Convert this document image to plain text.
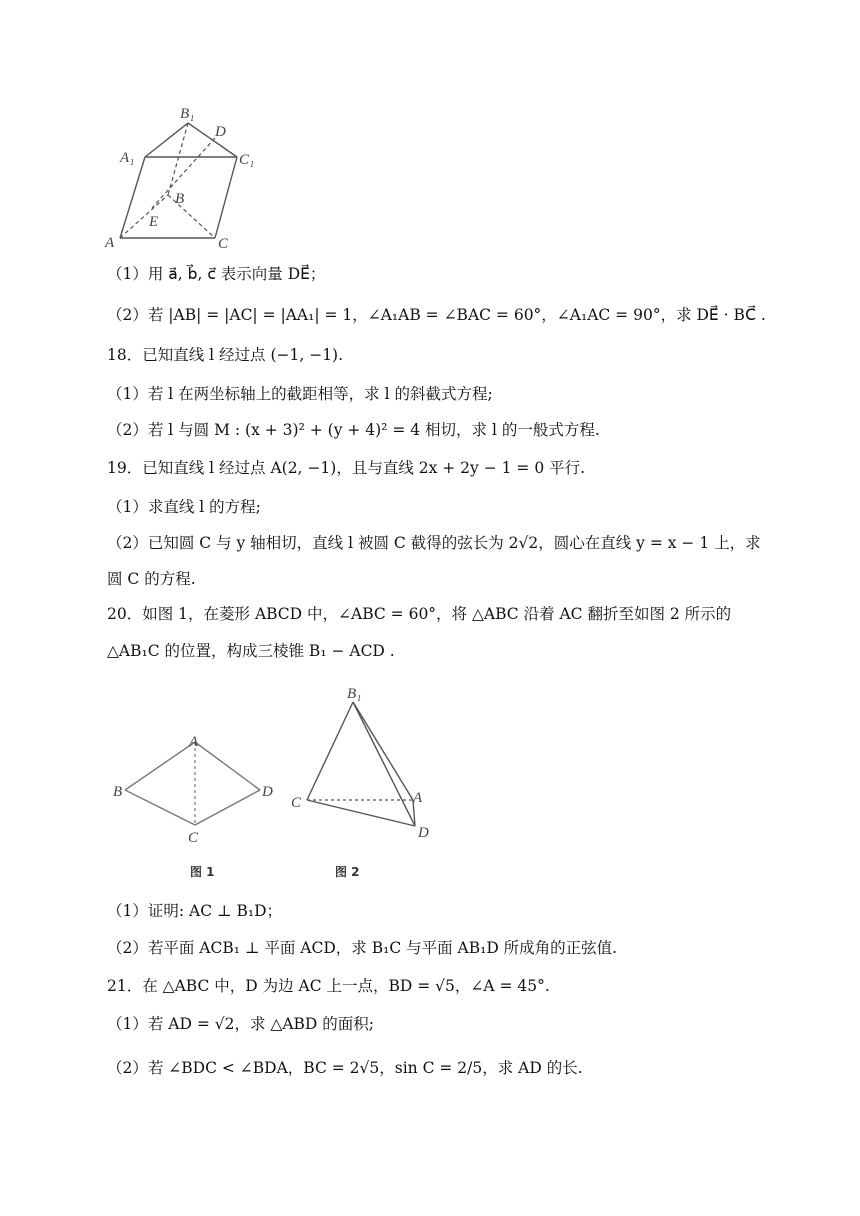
B₁
D
A₁	C₁
B
E
A	C
（1）用 a⃗, b⃗, c⃗ 表示向量 DE⃗；
（2）若 |AB| = |AC| = |AA₁| = 1，∠A₁AB = ∠BAC = 60°，∠A₁AC = 90°，求 DE⃗ · BC⃗ .
18．已知直线 l 经过点 (−1, −1).
（1）若 l 在两坐标轴上的截距相等，求 l 的斜截式方程;
（2）若 l 与圆 M : (x + 3)² + (y + 4)² = 4 相切，求 l 的一般式方程.
19．已知直线 l 经过点 A(2, −1)，且与直线 2x + 2y − 1 = 0 平行.
（1）求直线 l 的方程;
（2）已知圆 C 与 y 轴相切，直线 l 被圆 C 截得的弦长为 2√2，圆心在直线 y = x − 1 上，求
圆 C 的方程.
20．如图 1，在菱形 ABCD 中，∠ABC = 60°，将 △ABC 沿着 AC 翻折至如图 2 所示的
△AB₁C 的位置，构成三棱锥 B₁ − ACD .
A
B
C
D
图 1
B₁
C	A
D
图 2
（1）证明: AC ⊥ B₁D；
（2）若平面 ACB₁ ⊥ 平面 ACD，求 B₁C 与平面 AB₁D 所成角的正弦值.
21．在 △ABC 中，D 为边 AC 上一点，BD = √5，∠A = 45°.
（1）若 AD = √2，求 △ABD 的面积;
（2）若 ∠BDC < ∠BDA，BC = 2√5，sin C = 2/5，求 AD 的长.
